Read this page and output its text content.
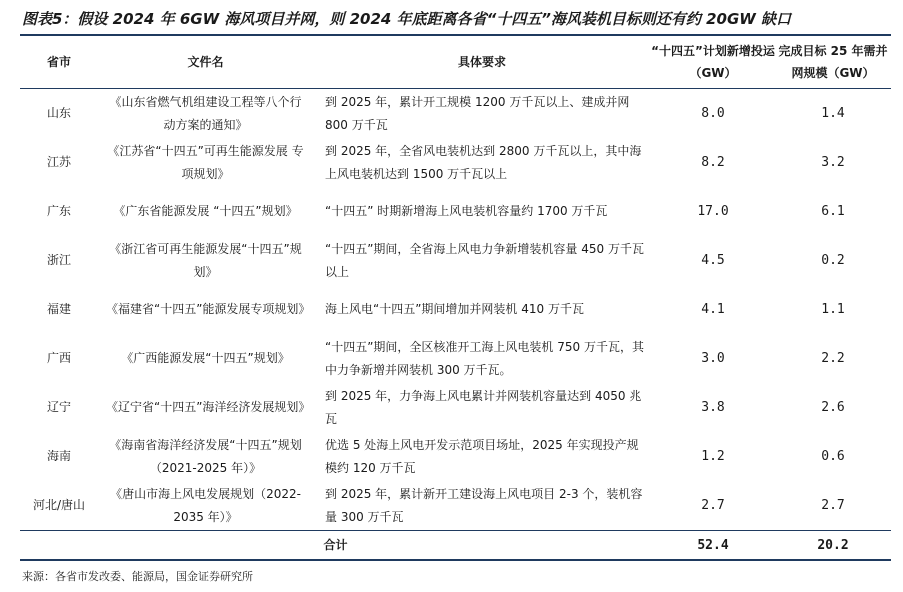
图表5：假设 2024 年 6GW 海风项目并网，则 2024 年底距离各省“十四五”海风装机目标则还有约 20GW 缺口
省市	文件名	具体要求	“十四五”计划新增投运（GW）	完成目标 25 年需并网规模（GW）
山东	《山东省燃气机组建设工程等八个行动方案的通知》	到 2025 年，累计开工规模 1200 万千瓦以上、建成并网 800 万千瓦	8.0	1.4
江苏	《江苏省“十四五”可再生能源发展 专项规划》	到 2025 年，全省风电装机达到 2800 万千瓦以上，其中海上风电装机达到 1500 万千瓦以上	8.2	3.2
广东	《广东省能源发展 “十四五”规划》	“十四五” 时期新增海上风电装机容量约 1700 万千瓦	17.0	6.1
浙江	《浙江省可再生能源发展“十四五”规划》	“十四五”期间，全省海上风电力争新增装机容量 450 万千瓦以上	4.5	0.2
福建	《福建省“十四五”能源发展专项规划》	海上风电“十四五”期间增加并网装机 410 万千瓦	4.1	1.1
广西	《广西能源发展“十四五”规划》	“十四五”期间，全区核准开工海上风电装机 750 万千瓦，其中力争新增并网装机 300 万千瓦。	3.0	2.2
辽宁	《辽宁省“十四五”海洋经济发展规划》	到 2025 年，力争海上风电累计并网装机容量达到 4050 兆瓦	3.8	2.6
海南	《海南省海洋经济发展“十四五”规划 （2021-2025 年）》	优选 5 处海上风电开发示范项目场址，2025 年实现投产规模约 120 万千瓦	1.2	0.6
河北/唐山	《唐山市海上风电发展规划（2022-2035 年）》	到 2025 年，累计新开工建设海上风电项目 2-3 个，装机容量 300 万千瓦	2.7	2.7
合计			52.4	20.2
来源：各省市发改委、能源局，国金证券研究所
